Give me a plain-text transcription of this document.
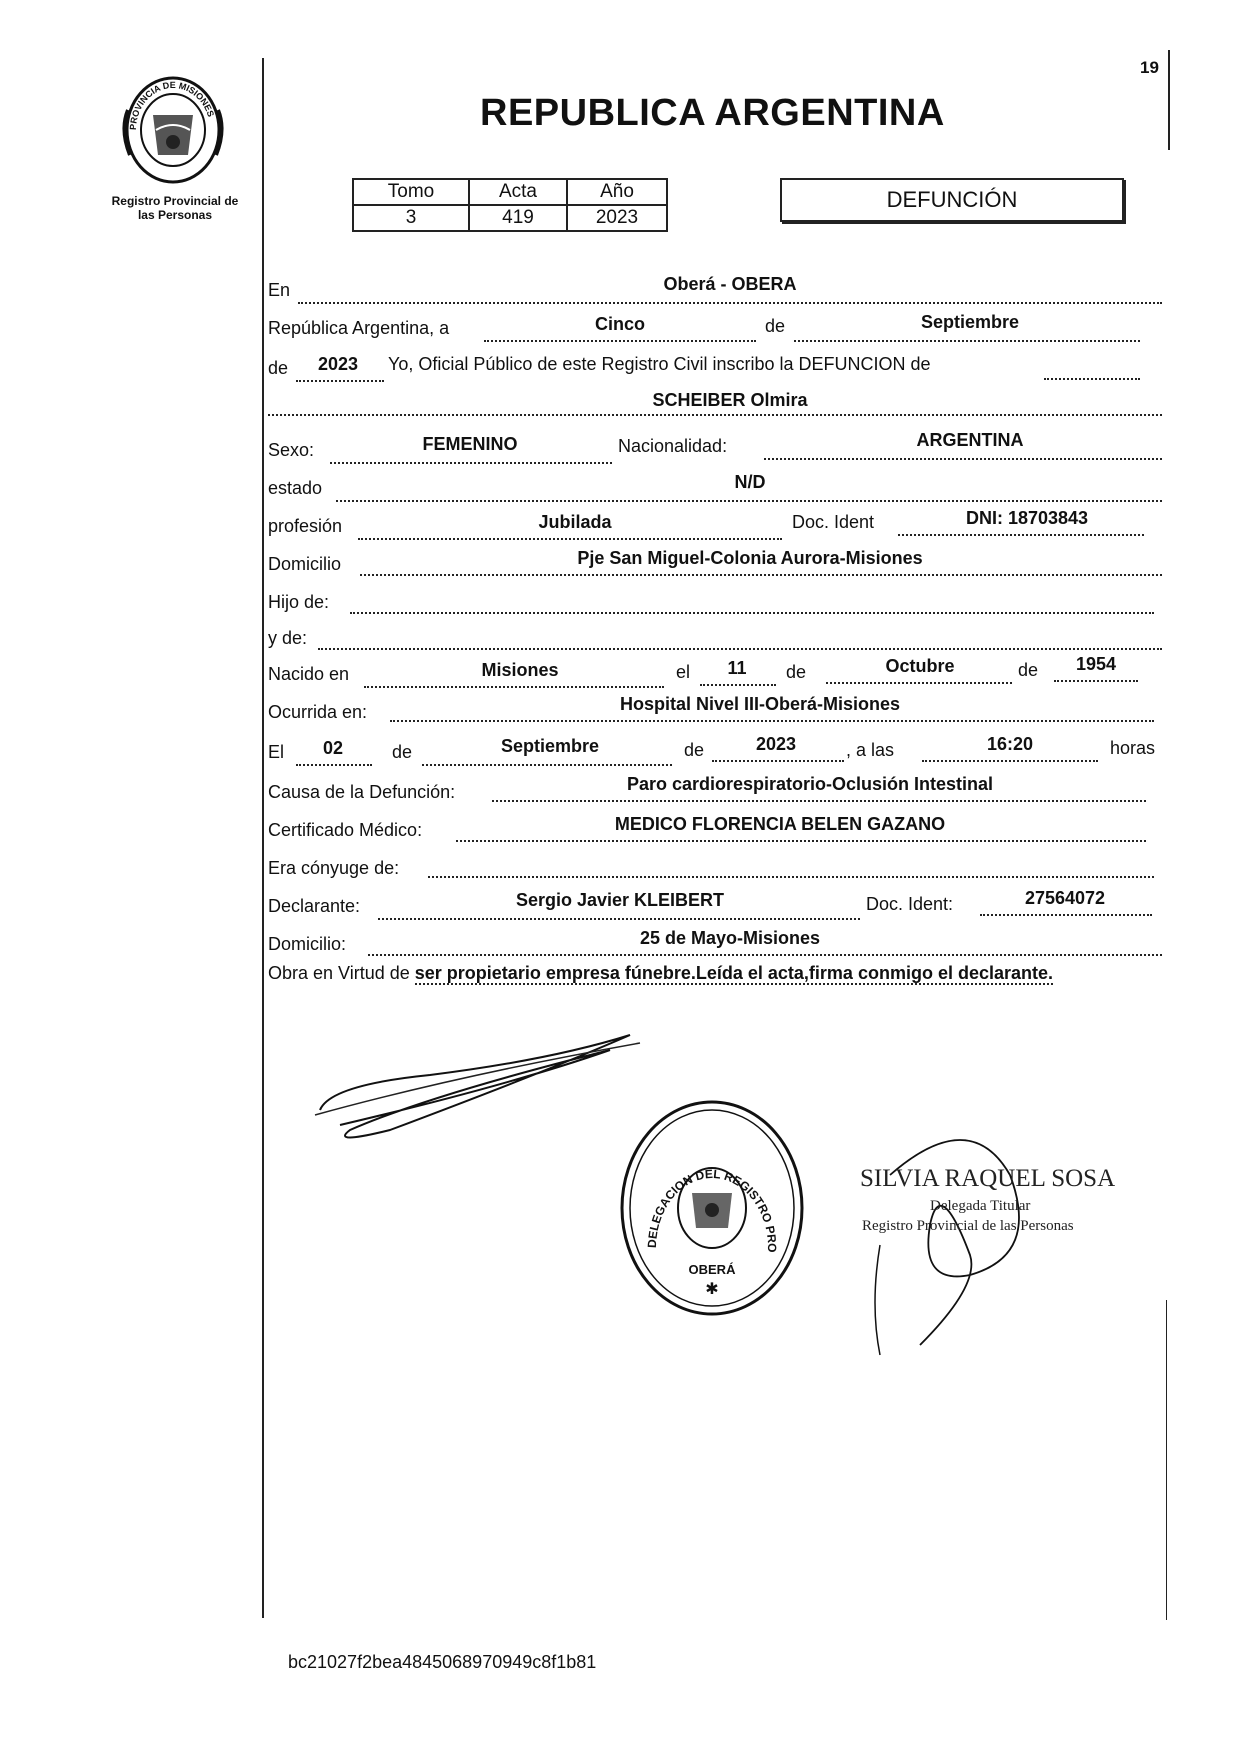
PROVINCIA DE MISIONES
Registro Provincial de
las Personas
19
REPUBLICA ARGENTINA
Tomo	Acta	Año
3	419	2023
DEFUNCIÓN
En	Oberá - OBERA
República Argentina, a	Cinco	de	Septiembre
de	2023	Yo, Oficial Público de este Registro Civil inscribo la DEFUNCION de
SCHEIBER Olmira
Sexo:	FEMENINO	Nacionalidad:	ARGENTINA
estado	N/D
profesión	Jubilada	Doc. Ident	DNI: 18703843
Domicilio	Pje San Miguel-Colonia Aurora-Misiones
Hijo de:
y de:
Nacido en	Misiones	el	11	de	Octubre	de	1954
Ocurrida en:	Hospital Nivel III-Oberá-Misiones
El	02	de	Septiembre	de	2023	, a las	16:20	horas
Causa de la Defunción:	Paro cardiorespiratorio-Oclusión Intestinal
Certificado Médico:	MEDICO FLORENCIA BELEN GAZANO
Era cónyuge de:
Declarante:	Sergio Javier KLEIBERT	Doc. Ident:	27564072
Domicilio:	25 de Mayo-Misiones
Obra en Virtud de ser propietario empresa fúnebre.Leída el acta,firma conmigo el declarante.
DELEGACION DEL REGISTRO PRO
OBERÁ
✱
SILVIA RAQUEL SOSA
Delegada Titular
Registro Provincial de las Personas
bc21027f2bea4845068970949c8f1b81
